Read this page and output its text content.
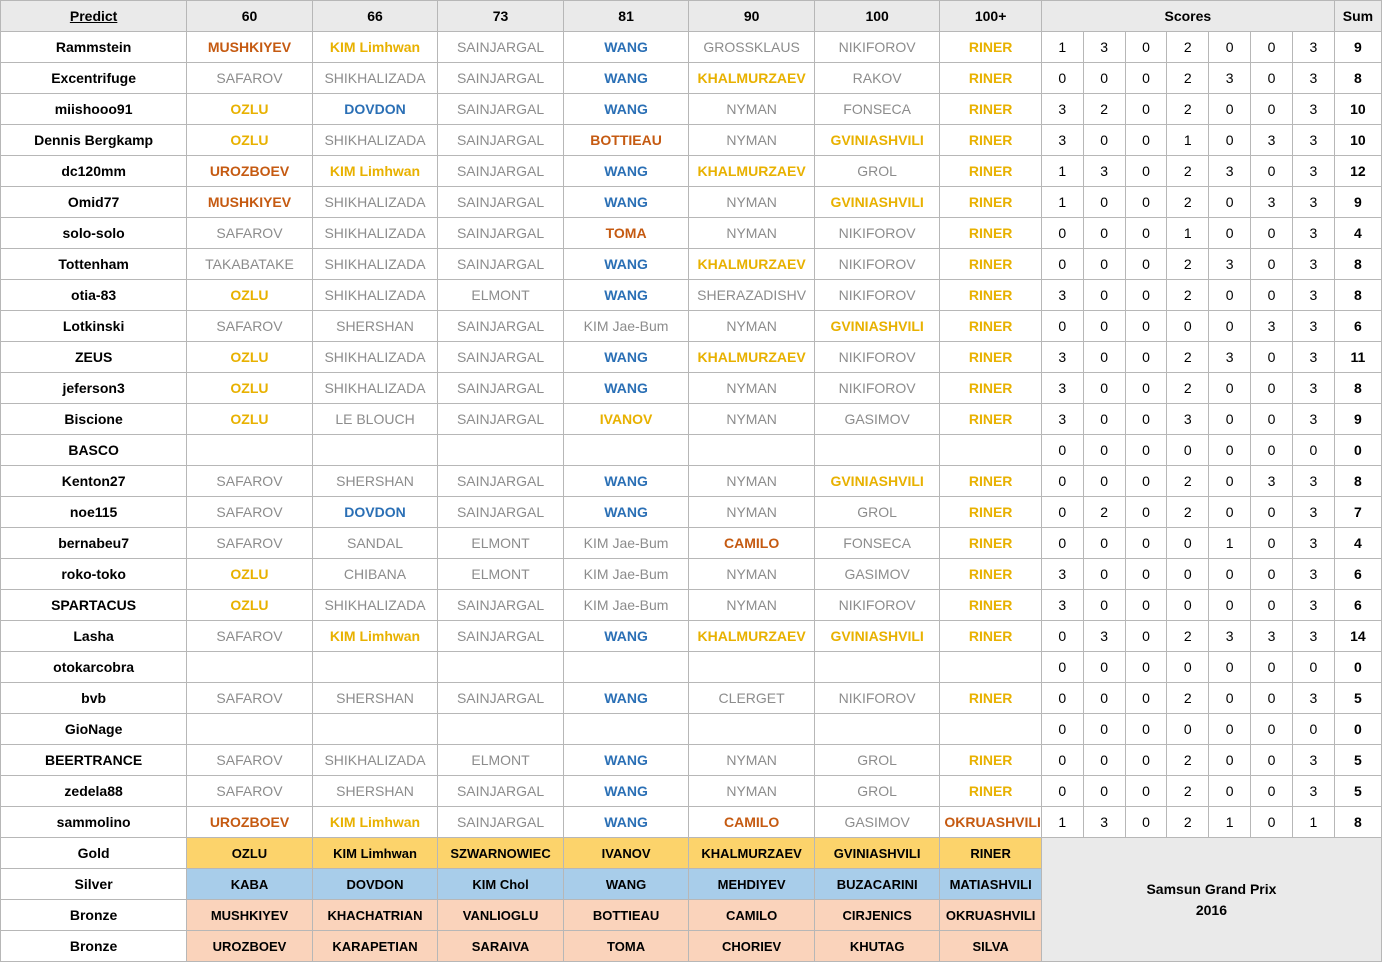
Predict	60	66	73	81	90	100	100+	Scores							Sum
Rammstein	MUSHKIYEV	KIM Limhwan	SAINJARGAL	WANG	GROSSKLAUS	NIKIFOROV	RINER	1	3	0	2	0	0	3	9
Excentrifuge	SAFAROV	SHIKHALIZADA	SAINJARGAL	WANG	KHALMURZAEV	RAKOV	RINER	0	0	0	2	3	0	3	8
miishooo91	OZLU	DOVDON	SAINJARGAL	WANG	NYMAN	FONSECA	RINER	3	2	0	2	0	0	3	10
Dennis Bergkamp	OZLU	SHIKHALIZADA	SAINJARGAL	BOTTIEAU	NYMAN	GVINIASHVILI	RINER	3	0	0	1	0	3	3	10
dc120mm	UROZBOEV	KIM Limhwan	SAINJARGAL	WANG	KHALMURZAEV	GROL	RINER	1	3	0	2	3	0	3	12
Omid77	MUSHKIYEV	SHIKHALIZADA	SAINJARGAL	WANG	NYMAN	GVINIASHVILI	RINER	1	0	0	2	0	3	3	9
solo-solo	SAFAROV	SHIKHALIZADA	SAINJARGAL	TOMA	NYMAN	NIKIFOROV	RINER	0	0	0	1	0	0	3	4
Tottenham	TAKABATAKE	SHIKHALIZADA	SAINJARGAL	WANG	KHALMURZAEV	NIKIFOROV	RINER	0	0	0	2	3	0	3	8
otia-83	OZLU	SHIKHALIZADA	ELMONT	WANG	SHERAZADISHV	NIKIFOROV	RINER	3	0	0	2	0	0	3	8
Lotkinski	SAFAROV	SHERSHAN	SAINJARGAL	KIM Jae-Bum	NYMAN	GVINIASHVILI	RINER	0	0	0	0	0	3	3	6
ZEUS	OZLU	SHIKHALIZADA	SAINJARGAL	WANG	KHALMURZAEV	NIKIFOROV	RINER	3	0	0	2	3	0	3	11
jeferson3	OZLU	SHIKHALIZADA	SAINJARGAL	WANG	NYMAN	NIKIFOROV	RINER	3	0	0	2	0	0	3	8
Biscione	OZLU	LE BLOUCH	SAINJARGAL	IVANOV	NYMAN	GASIMOV	RINER	3	0	0	3	0	0	3	9
BASCO								0	0	0	0	0	0	0	0
Kenton27	SAFAROV	SHERSHAN	SAINJARGAL	WANG	NYMAN	GVINIASHVILI	RINER	0	0	0	2	0	3	3	8
noe115	SAFAROV	DOVDON	SAINJARGAL	WANG	NYMAN	GROL	RINER	0	2	0	2	0	0	3	7
bernabeu7	SAFAROV	SANDAL	ELMONT	KIM Jae-Bum	CAMILO	FONSECA	RINER	0	0	0	0	1	0	3	4
roko-toko	OZLU	CHIBANA	ELMONT	KIM Jae-Bum	NYMAN	GASIMOV	RINER	3	0	0	0	0	0	3	6
SPARTACUS	OZLU	SHIKHALIZADA	SAINJARGAL	KIM Jae-Bum	NYMAN	NIKIFOROV	RINER	3	0	0	0	0	0	3	6
Lasha	SAFAROV	KIM Limhwan	SAINJARGAL	WANG	KHALMURZAEV	GVINIASHVILI	RINER	0	3	0	2	3	3	3	14
otokarcobra								0	0	0	0	0	0	0	0
bvb	SAFAROV	SHERSHAN	SAINJARGAL	WANG	CLERGET	NIKIFOROV	RINER	0	0	0	2	0	0	3	5
GioNage								0	0	0	0	0	0	0	0
BEERTRANCE	SAFAROV	SHIKHALIZADA	ELMONT	WANG	NYMAN	GROL	RINER	0	0	0	2	0	0	3	5
zedela88	SAFAROV	SHERSHAN	SAINJARGAL	WANG	NYMAN	GROL	RINER	0	0	0	2	0	0	3	5
sammolino	UROZBOEV	KIM Limhwan	SAINJARGAL	WANG	CAMILO	GASIMOV	OKRUASHVILI	1	3	0	2	1	0	1	8
Gold	OZLU	KIM Limhwan	SZWARNOWIEC	IVANOV	KHALMURZAEV	GVINIASHVILI	RINER	Samsun Grand Prix
2016							

Silver	KABA	DOVDON	KIM Chol	WANG	MEHDIYEV	BUZACARINI	MATIASHVILI								
Bronze	MUSHKIYEV	KHACHATRIAN	VANLIOGLU	BOTTIEAU	CAMILO	CIRJENICS	OKRUASHVILI								
Bronze	UROZBOEV	KARAPETIAN	SARAIVA	TOMA	CHORIEV	KHUTAG	SILVA								
